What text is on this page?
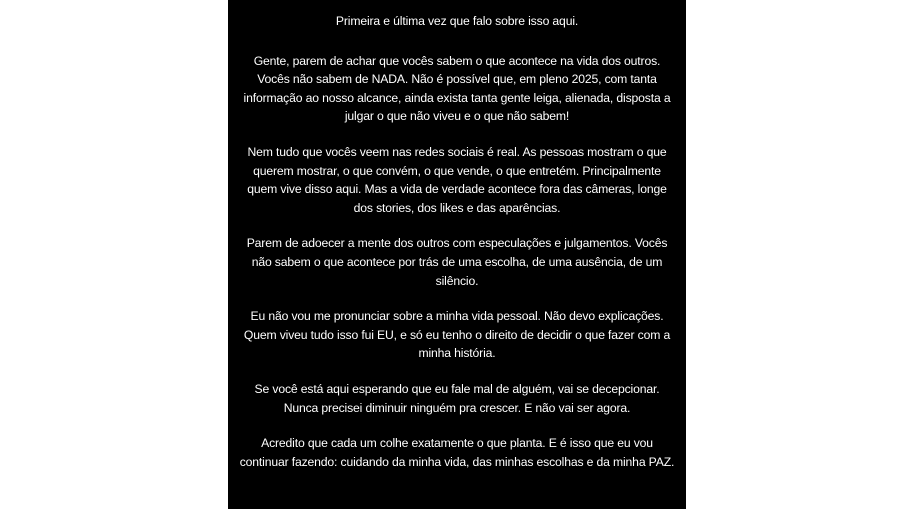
Primeira e última vez que falo sobre isso aqui.

Gente, parem de achar que vocês sabem o que acontece na vida dos outros. Vocês não sabem de NADA. Não é possível que, em pleno 2025, com tanta informação ao nosso alcance, ainda exista tanta gente leiga, alienada, disposta a julgar o que não viveu e o que não sabem!

Nem tudo que vocês veem nas redes sociais é real. As pessoas mostram o que querem mostrar, o que convém, o que vende, o que entretém. Principalmente quem vive disso aqui. Mas a vida de verdade acontece fora das câmeras, longe dos stories, dos likes e das aparências.

Parem de adoecer a mente dos outros com especulações e julgamentos. Vocês não sabem o que acontece por trás de uma escolha, de uma ausência, de um silêncio.

Eu não vou me pronunciar sobre a minha vida pessoal. Não devo explicações. Quem viveu tudo isso fui EU, e só eu tenho o direito de decidir o que fazer com a minha história.

Se você está aqui esperando que eu fale mal de alguém, vai se decepcionar. Nunca precisei diminuir ninguém pra crescer. E não vai ser agora.

Acredito que cada um colhe exatamente o que planta. E é isso que eu vou continuar fazendo: cuidando da minha vida, das minhas escolhas e da minha PAZ.
